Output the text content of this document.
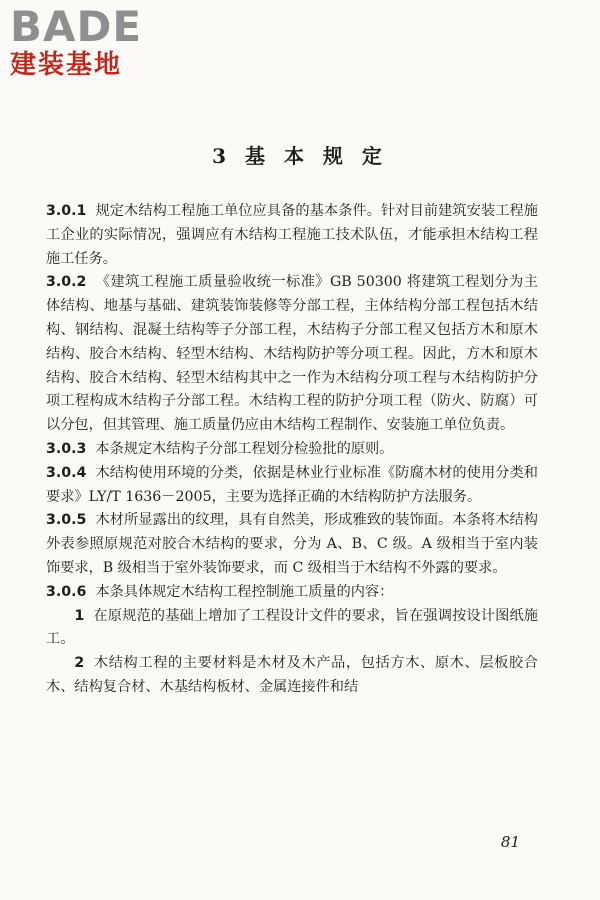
BADE
建装基地
3 基 本 规 定

3.0.1 规定木结构工程施工单位应具备的基本条件。针对目前建筑安装工程施工企业的实际情况，强调应有木结构工程施工技术队伍，才能承担木结构工程施工任务。

3.0.2 《建筑工程施工质量验收统一标准》GB 50300 将建筑工程划分为主体结构、地基与基础、建筑装饰装修等分部工程，主体结构分部工程包括木结构、钢结构、混凝土结构等子分部工程，木结构子分部工程又包括方木和原木结构、胶合木结构、轻型木结构、木结构防护等分项工程。因此，方木和原木结构、胶合木结构、轻型木结构其中之一作为木结构分项工程与木结构防护分项工程构成木结构子分部工程。木结构工程的防护分项工程（防火、防腐）可以分包，但其管理、施工质量仍应由木结构工程制作、安装施工单位负责。

3.0.3 本条规定木结构子分部工程划分检验批的原则。

3.0.4 木结构使用环境的分类，依据是林业行业标准《防腐木材的使用分类和要求》LY/T 1636－2005，主要为选择正确的木结构防护方法服务。

3.0.5 木材所显露出的纹理，具有自然美，形成雅致的装饰面。本条将木结构外表参照原规范对胶合木结构的要求，分为 A、B、C 级。A 级相当于室内装饰要求，B 级相当于室外装饰要求，而 C 级相当于木结构不外露的要求。

3.0.6 本条具体规定木结构工程控制施工质量的内容：

1 在原规范的基础上增加了工程设计文件的要求，旨在强调按设计图纸施工。

2 木结构工程的主要材料是木材及木产品，包括方木、原木、层板胶合木、结构复合材、木基结构板材、金属连接件和结

81
